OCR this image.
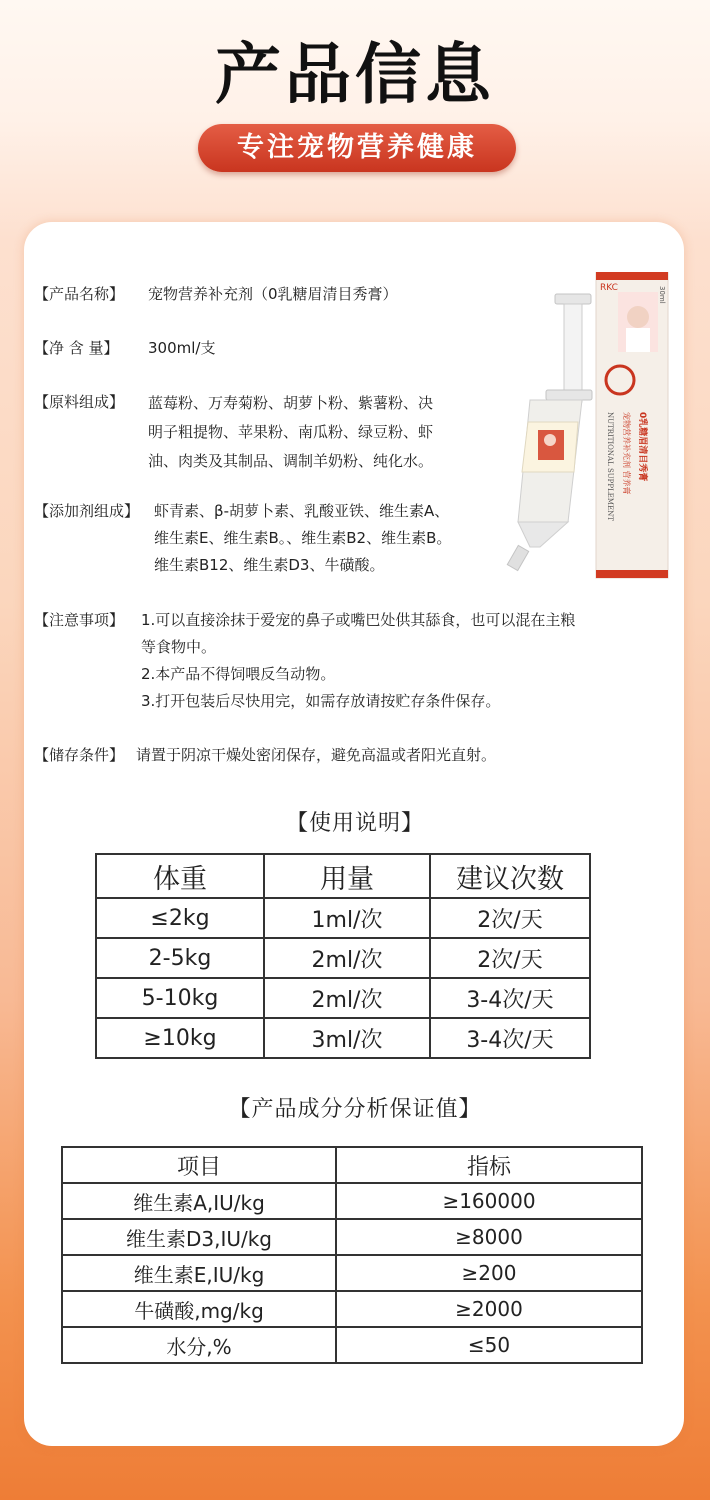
产品信息
专注宠物营养健康
【产品名称】 宠物营养补充剂（0乳糖眉清目秀膏）
【净 含 量】 300ml/支
【原料组成】 蓝莓粉、万寿菊粉、胡萝卜粉、紫薯粉、决
明子粗提物、苹果粉、南瓜粉、绿豆粉、虾
油、肉类及其制品、调制羊奶粉、纯化水。
【添加剂组成】 虾青素、β-胡萝卜素、乳酸亚铁、维生素A、
维生素E、维生素B。、维生素B2、维生素B。
维生素B12、维生素D3、牛磺酸。
【注意事项】 1.可以直接涂抹于爱宠的鼻子或嘴巴处供其舔食，也可以混在主粮
等食物中。
2.本产品不得饲喂反刍动物。
3.打开包装后尽快用完，如需存放请按贮存条件保存。
【储存条件】 请置于阴凉干燥处密闭保存，避免高温或者阳光直射。
RKC	30ml
NUTRITIONAL SUPPLEMENT 宠物营养补充剂 营养膏 0乳糖眉清目秀膏
【使用说明】
体重	用量	建议次数
≤2kg	1ml/次	2次/天
2-5kg	2ml/次	2次/天
5-10kg	2ml/次	3-4次/天
≥10kg	3ml/次	3-4次/天
【产品成分分析保证值】
项目	指标
维生素A,IU/kg	≥160000
维生素D3,IU/kg	≥8000
维生素E,IU/kg	≥200
牛磺酸,mg/kg	≥2000
水分,%	≤50
